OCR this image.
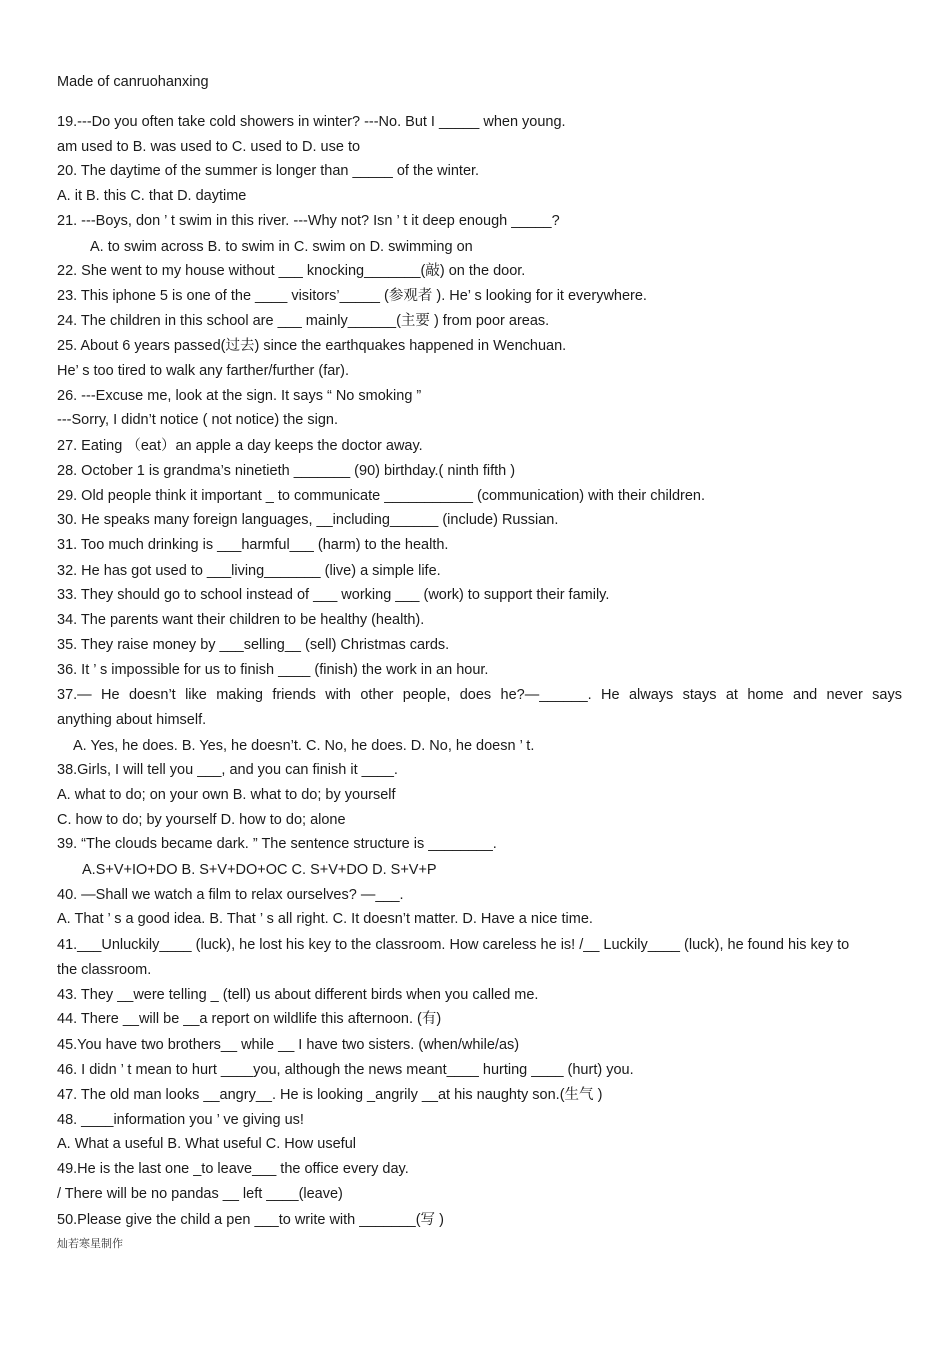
Made of canruohanxing
19.---Do you often take cold showers in winter? ---No. But I _____ when young.
am used to B. was used to C. used to D. use to
20. The daytime of the summer is longer than _____ of the winter.
A. it B. this C. that D. daytime
21. ---Boys, don ’ t swim in this river. ---Why not? Isn ’ t it deep enough _____?
A. to swim across B. to swim in C. swim on D. swimming on
22. She went to my house without ___ knocking_______(敲) on the door.
23. This iphone 5 is one of the ____ visitors’_____ (参观者 ). He’ s looking for it everywhere.
24. The children in this school are ___ mainly______(主要 ) from poor areas.
25. About 6 years passed(过去) since the earthquakes happened in Wenchuan.
He’ s too tired to walk any farther/further (far).
26. ---Excuse me, look at the sign. It says “ No smoking ”
---Sorry, I didn’t notice ( not notice) the sign.
27. Eating （eat）an apple a day keeps the doctor away.
28. October 1 is grandma’s ninetieth _______ (90) birthday.( ninth fifth )
29. Old people think it important _ to communicate ___________ (communication) with their children.
30. He speaks many foreign languages, __including______ (include) Russian.
31. Too much drinking is ___harmful___ (harm) to the health.
32. He has got used to ___living_______ (live) a simple life.
33. They should go to school instead of ___ working ___ (work) to support their family.
34. The parents want their children to be healthy (health).
35. They raise money by ___selling__ (sell) Christmas cards.
36. It ’ s impossible for us to finish ____ (finish) the work in an hour.
37.— He doesn’t like making friends with other people, does he?—______. He always stays at home and never says
anything about himself.
A. Yes, he does. B. Yes, he doesn’t. C. No, he does. D. No, he doesn ’ t.
38.Girls, I will tell you ___, and you can finish it ____.
A. what to do; on your own B. what to do; by yourself
C. how to do; by yourself D. how to do; alone
39. “The clouds became dark. ” The sentence structure is ________.
A.S+V+IO+DO B. S+V+DO+OC C. S+V+DO D. S+V+P
40. —Shall we watch a film to relax ourselves? —___.
A. That ’ s a good idea. B. That ’ s all right. C. It doesn’t matter. D. Have a nice time.
41.___Unluckily____ (luck), he lost his key to the classroom. How careless he is! /__ Luckily____ (luck), he found his key to
the classroom.
43. They __were telling _ (tell) us about different birds when you called me.
44. There __will be __a report on wildlife this afternoon. (有)
45.You have two brothers__ while __ I have two sisters. (when/while/as)
46. I didn ’ t mean to hurt ____you, although the news meant____ hurting ____ (hurt) you.
47. The old man looks __angry__. He is looking _angrily __at his naughty son.(生气 )
48. ____information you ’ ve giving us!
A. What a useful B. What useful C. How useful
49.He is the last one _to leave___ the office every day.
/ There will be no pandas __ left ____(leave)
50.Please give the child a pen ___to write with _______(写 )
灿若寒星制作
